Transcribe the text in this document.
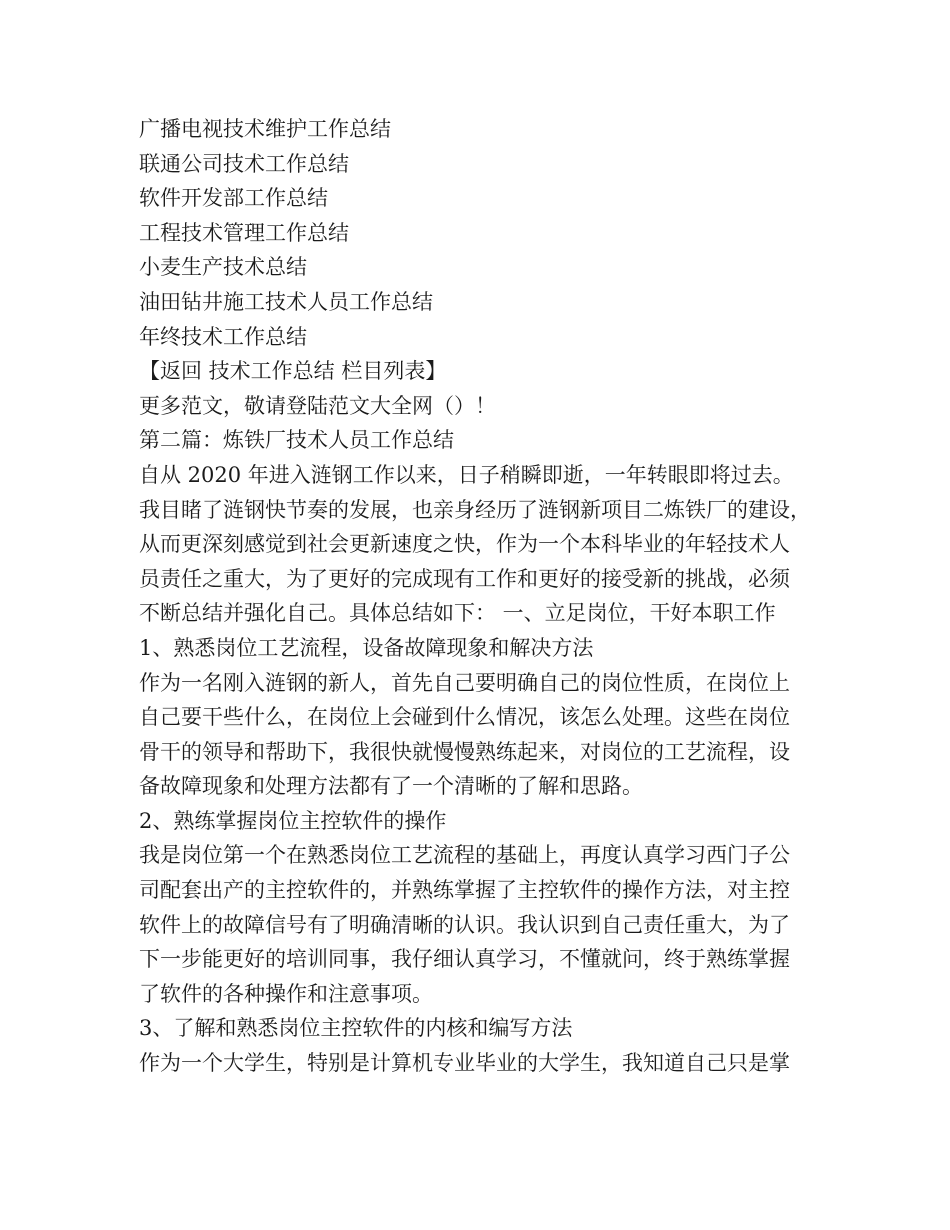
广播电视技术维护工作总结
联通公司技术工作总结
软件开发部工作总结
工程技术管理工作总结
小麦生产技术总结
油田钻井施工技术人员工作总结
年终技术工作总结
【返回 技术工作总结 栏目列表】
更多范文，敬请登陆范文大全网（）！
第二篇：炼铁厂技术人员工作总结
自从 2020 年进入涟钢工作以来，日子稍瞬即逝，一年转眼即将过去。
我目睹了涟钢快节奏的发展，也亲身经历了涟钢新项目二炼铁厂的建设，
从而更深刻感觉到社会更新速度之快，作为一个本科毕业的年轻技术人
员责任之重大，为了更好的完成现有工作和更好的接受新的挑战，必须
不断总结并强化自己。具体总结如下： 一、立足岗位，干好本职工作
1、熟悉岗位工艺流程，设备故障现象和解决方法
作为一名刚入涟钢的新人，首先自己要明确自己的岗位性质，在岗位上
自己要干些什么，在岗位上会碰到什么情况，该怎么处理。这些在岗位
骨干的领导和帮助下，我很快就慢慢熟练起来，对岗位的工艺流程，设
备故障现象和处理方法都有了一个清晰的了解和思路。
2、熟练掌握岗位主控软件的操作
我是岗位第一个在熟悉岗位工艺流程的基础上，再度认真学习西门子公
司配套出产的主控软件的，并熟练掌握了主控软件的操作方法，对主控
软件上的故障信号有了明确清晰的认识。我认识到自己责任重大，为了
下一步能更好的培训同事，我仔细认真学习，不懂就问，终于熟练掌握
了软件的各种操作和注意事项。
3、了解和熟悉岗位主控软件的内核和编写方法
作为一个大学生，特别是计算机专业毕业的大学生，我知道自己只是掌
